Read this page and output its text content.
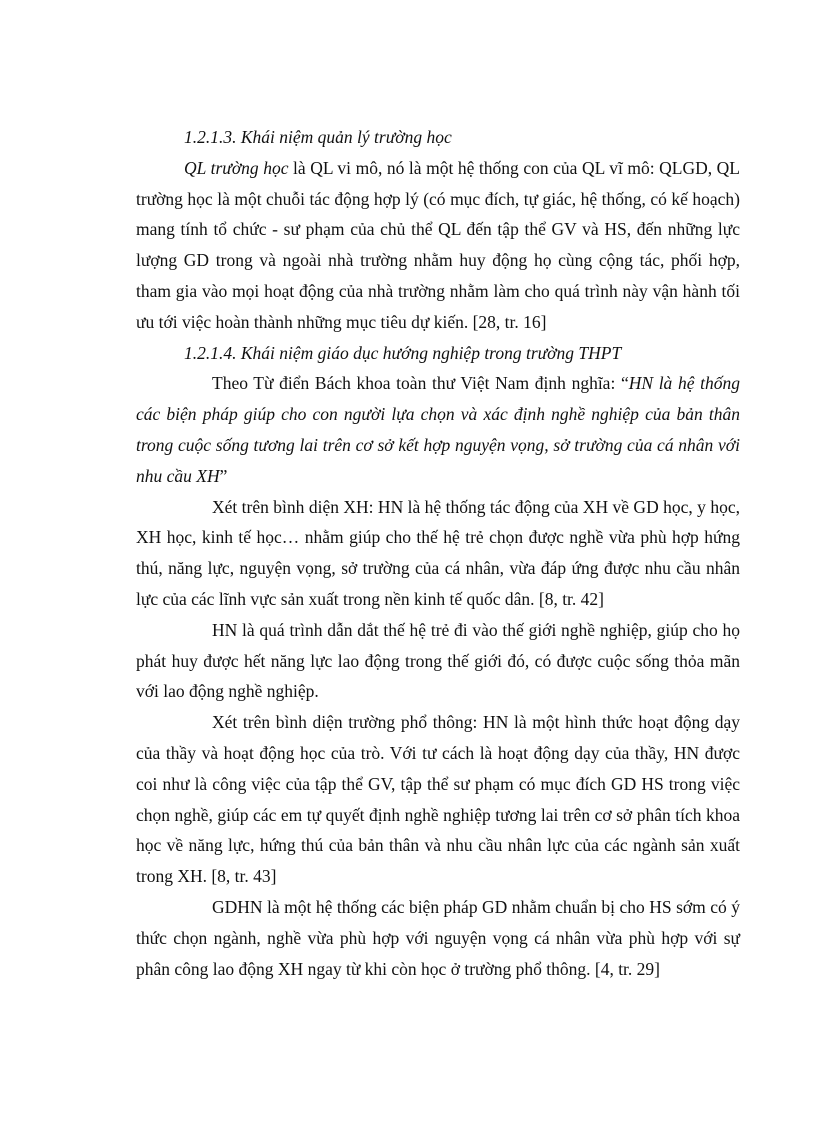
1.2.1.3. Khái niệm quản lý trường học

QL trường học là QL vi mô, nó là một hệ thống con của QL vĩ mô: QLGD, QL trường học là một chuỗi tác động hợp lý (có mục đích, tự giác, hệ thống, có kế hoạch) mang tính tổ chức - sư phạm của chủ thể QL đến tập thể GV và HS, đến những lực lượng GD trong và ngoài nhà trường nhằm huy động họ cùng cộng tác, phối hợp, tham gia vào mọi hoạt động của nhà trường nhằm làm cho quá trình này vận hành tối ưu tới việc hoàn thành những mục tiêu dự kiến. [28, tr. 16]

1.2.1.4. Khái niệm giáo dục hướng nghiệp trong trường THPT

Theo Từ điển Bách khoa toàn thư Việt Nam định nghĩa: “HN là hệ thống các biện pháp giúp cho con người lựa chọn và xác định nghề nghiệp của bản thân trong cuộc sống tương lai trên cơ sở kết hợp nguyện vọng, sở trường của cá nhân với nhu cầu XH”

Xét trên bình diện XH: HN là hệ thống tác động của XH về GD học, y học, XH học, kinh tế học… nhằm giúp cho thế hệ trẻ chọn được nghề vừa phù hợp hứng thú, năng lực, nguyện vọng, sở trường của cá nhân, vừa đáp ứng được nhu cầu nhân lực của các lĩnh vực sản xuất trong nền kinh tế quốc dân. [8, tr. 42]

HN là quá trình dẫn dắt thế hệ trẻ đi vào thế giới nghề nghiệp, giúp cho họ phát huy được hết năng lực lao động trong thế giới đó, có được cuộc sống thỏa mãn với lao động nghề nghiệp.

Xét trên bình diện trường phổ thông: HN là một hình thức hoạt động dạy của thầy và hoạt động học của trò. Với tư cách là hoạt động dạy của thầy, HN được coi như là công việc của tập thể GV, tập thể sư phạm có mục đích GD HS trong việc chọn nghề, giúp các em tự quyết định nghề nghiệp tương lai trên cơ sở phân tích khoa học về năng lực, hứng thú của bản thân và nhu cầu nhân lực của các ngành sản xuất trong XH. [8, tr. 43]

GDHN là một hệ thống các biện pháp GD nhằm chuẩn bị cho HS sớm có ý thức chọn ngành, nghề vừa phù hợp với nguyện vọng cá nhân vừa phù hợp với sự phân công lao động XH ngay từ khi còn học ở trường phổ thông. [4, tr. 29]
